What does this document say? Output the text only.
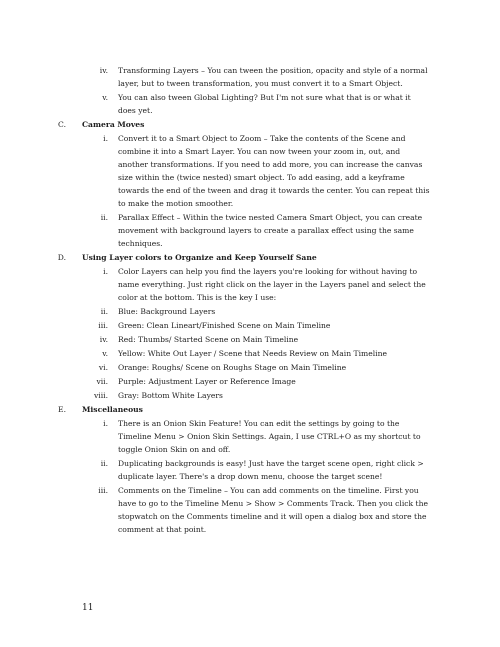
iv. Transforming Layers – You can tween the position, opacity and style of a normal layer, but to tween transformation, you must convert it to a Smart Object.
v. You can also tween Global Lighting? But I'm not sure what that is or what it does yet.
C. Camera Moves
i. Convert it to a Smart Object to Zoom – Take the contents of the Scene and combine it into a Smart Layer. You can now tween your zoom in, out, and another transformations. If you need to add more, you can increase the canvas size within the (twice nested) smart object. To add easing, add a keyframe towards the end of the tween and drag it towards the center. You can repeat this to make the motion smoother.
ii. Parallax Effect – Within the twice nested Camera Smart Object, you can create movement with background layers to create a parallax effect using the same techniques.
D. Using Layer colors to Organize and Keep Yourself Sane
i. Color Layers can help you find the layers you're looking for without having to name everything. Just right click on the layer in the Layers panel and select the color at the bottom. This is the key I use:
ii. Blue: Background Layers
iii. Green: Clean Lineart/Finished Scene on Main Timeline
iv. Red: Thumbs/ Started Scene on Main Timeline
v. Yellow: White Out Layer / Scene that Needs Review on Main Timeline
vi. Orange: Roughs/ Scene on Roughs Stage on Main Timeline
vii. Purple: Adjustment Layer or Reference Image
viii. Gray: Bottom White Layers
E. Miscellaneous
i. There is an Onion Skin Feature! You can edit the settings by going to the Timeline Menu > Onion Skin Settings. Again, I use CTRL+O as my shortcut to toggle Onion Skin on and off.
ii. Duplicating backgrounds is easy! Just have the target scene open, right click > duplicate layer. There's a drop down menu, choose the target scene!
iii. Comments on the Timeline – You can add comments on the timeline. First you have to go to the Timeline Menu > Show > Comments Track. Then you click the stopwatch on the Comments timeline and it will open a dialog box and store the comment at that point.
11
